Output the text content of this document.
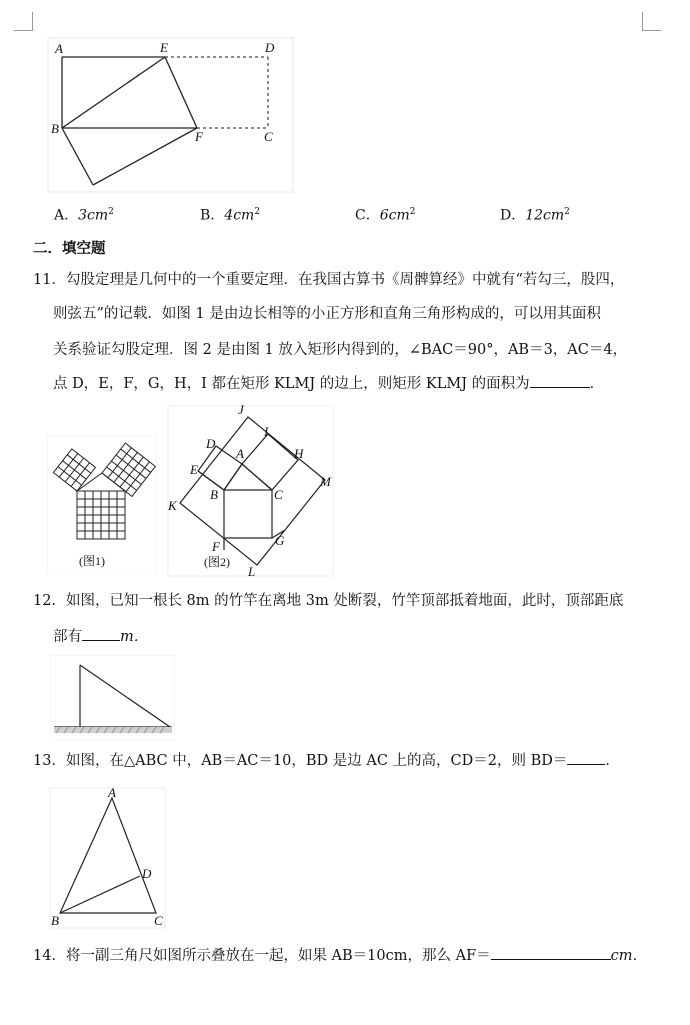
A	E	D
B
F	C
A．$3cm^2$	B．$4cm^2$	C．$6cm^2$	D．$12cm^2$
二．填空题
11．勾股定理是几何中的一个重要定理．在我国古算书《周髀算经》中就有“若勾三，股四，
则弦五”的记载．如图 1 是由边长相等的小正方形和直角三角形构成的，可以用其面积
关系验证勾股定理．图 2 是由图 1 放入矩形内得到的，∠BAC＝90°，AB＝3，AC＝4，
点 D，E，F，G，H，I 都在矩形 KLMJ 的边上，则矩形 KLMJ 的面积为	．
(图1)
J
I
D
H
A
E
M
B	C
K
F	G
L
(图2)
12．如图，已知一根长 8m 的竹竿在离地 3m 处断裂，竹竿顶部抵着地面，此时，顶部距底
部有	m．
13．如图，在△ABC 中，AB＝AC＝10，BD 是边 AC 上的高，CD＝2，则 BD＝	．
A
D
B	C
14．将一副三角尺如图所示叠放在一起，如果 AB＝10cm，那么 AF＝	cm．
